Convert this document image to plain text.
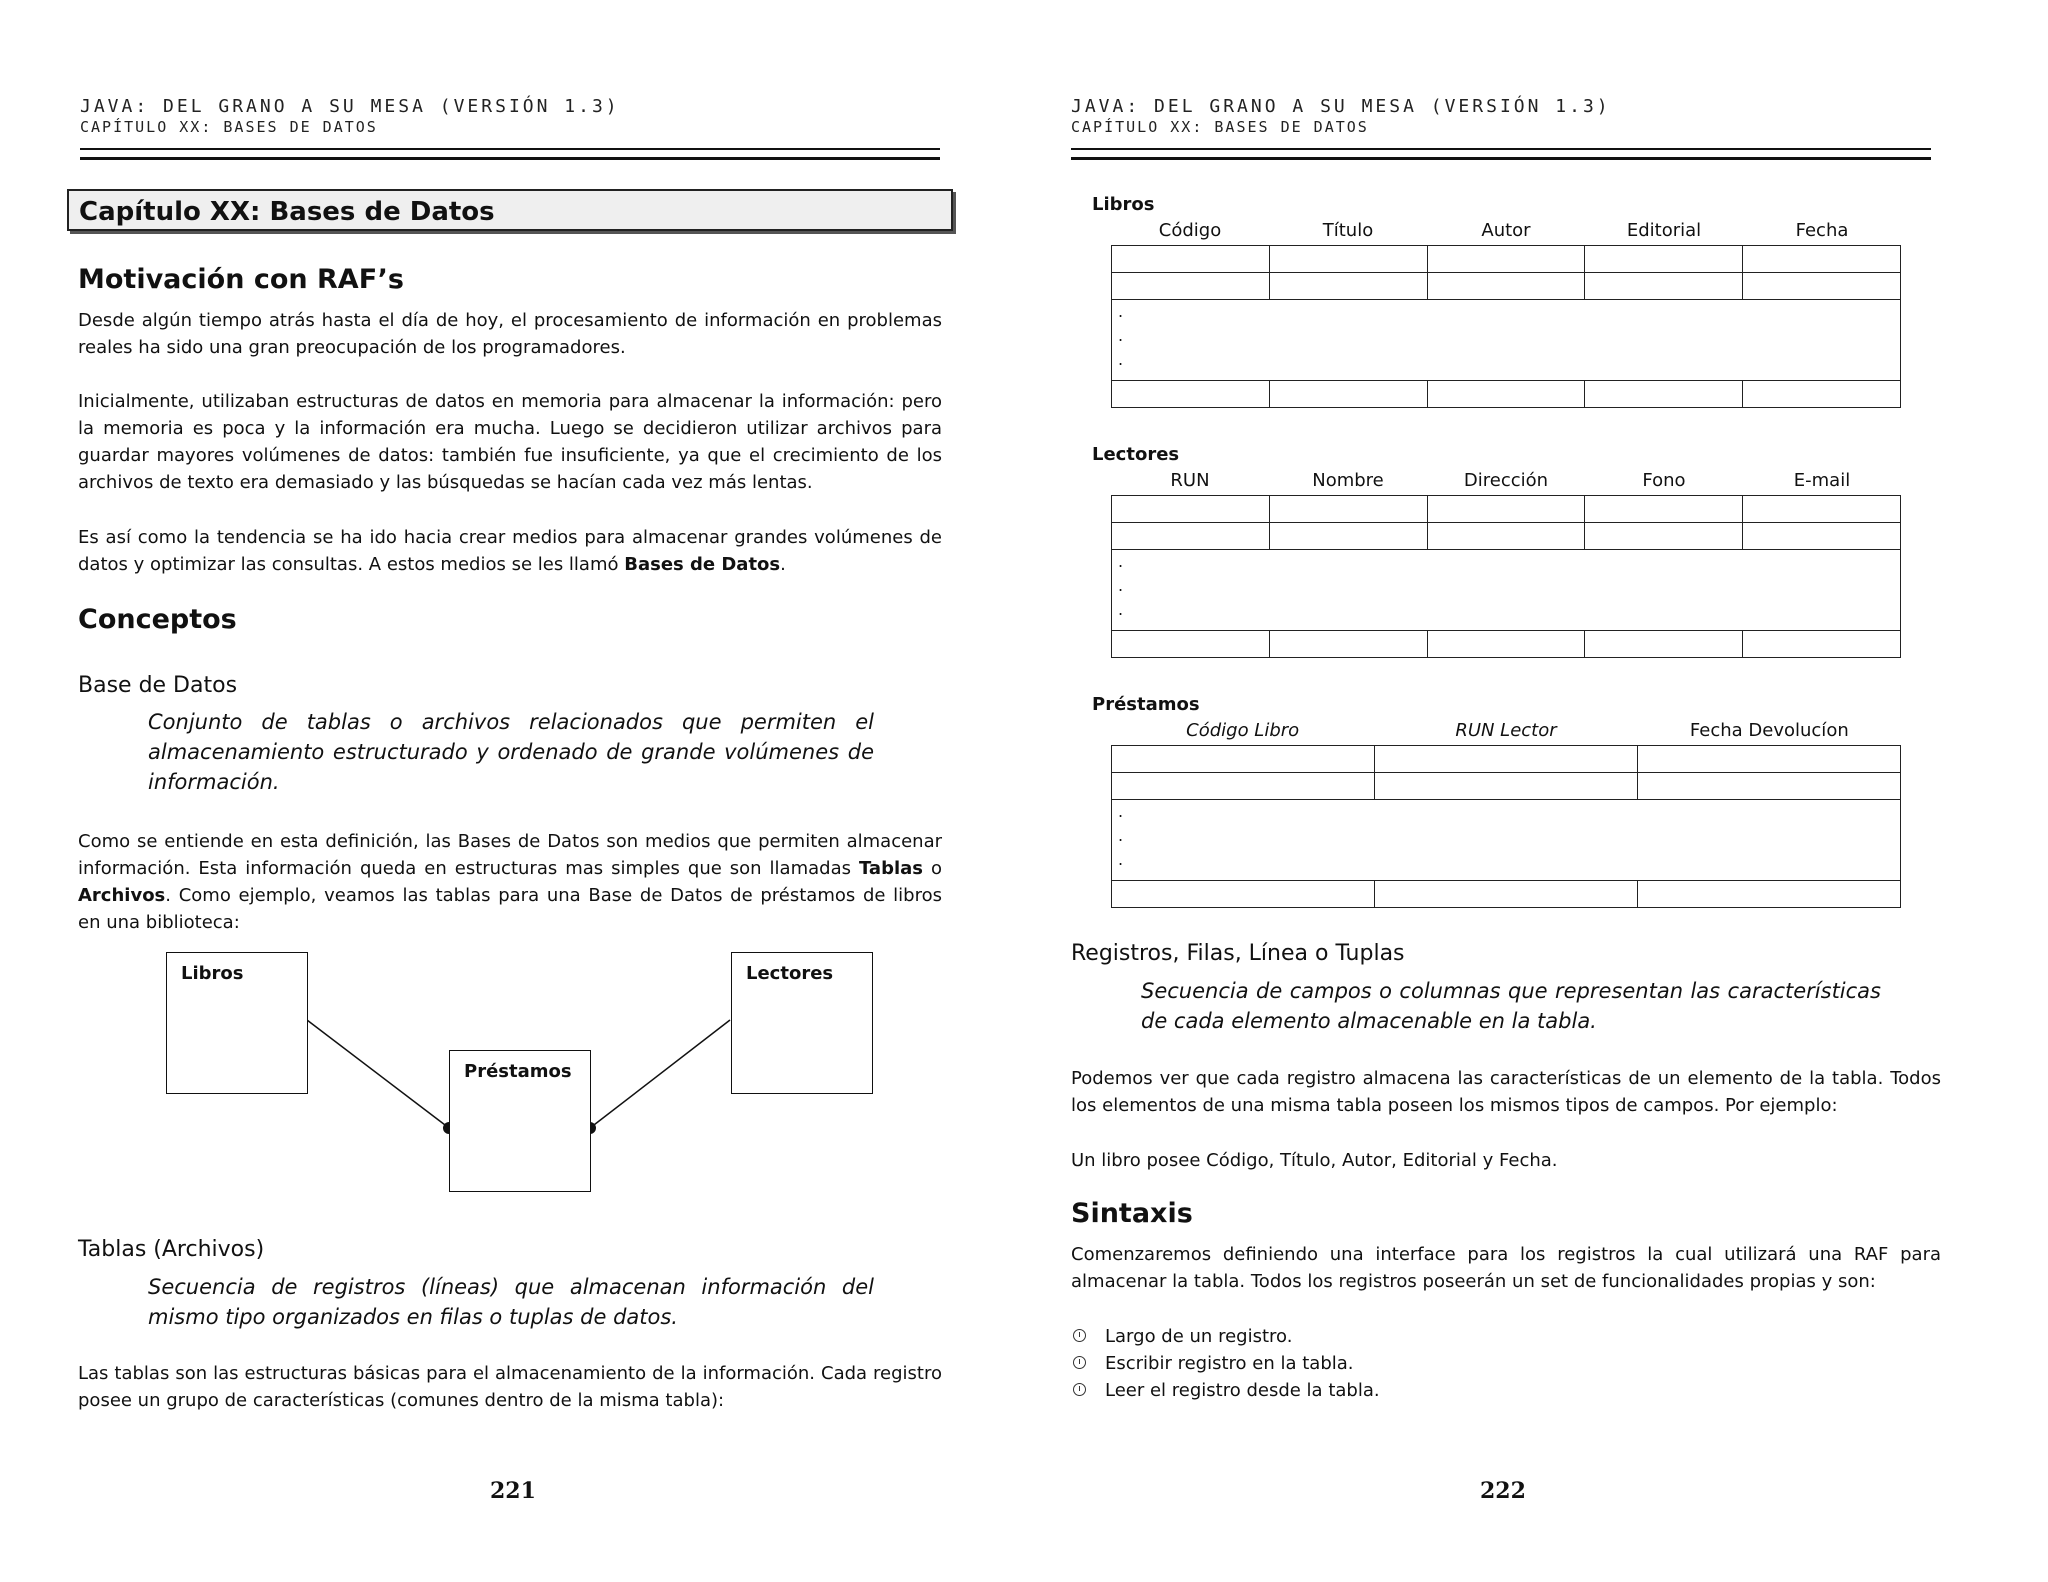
JAVA: DEL GRANO A SU MESA (VERSIÓN 1.3)
CAPÍTULO XX: BASES DE DATOS
Capítulo XX: Bases de Datos
Motivación con RAF’s

Desde algún tiempo atrás hasta el día de hoy, el procesamiento de información en problemas reales ha sido una gran preocupación de los programadores.

Inicialmente, utilizaban estructuras de datos en memoria para almacenar la información: pero la memoria es poca y la información era mucha. Luego se decidieron utilizar archivos para guardar mayores volúmenes de datos: también fue insuficiente, ya que el crecimiento de los archivos de texto era demasiado y las búsquedas se hacían cada vez más lentas.

Es así como la tendencia se ha ido hacia crear medios para almacenar grandes volúmenes de datos y optimizar las consultas. A estos medios se les llamó Bases de Datos.

Conceptos
Base de Datos

Conjunto de tablas o archivos relacionados que permiten el almacenamiento estructurado y ordenado de grande volúmenes de información.

Como se entiende en esta definición, las Bases de Datos son medios que permiten almacenar información. Esta información queda en estructuras mas simples que son llamadas Tablas o Archivos. Como ejemplo, veamos las tablas para una Base de Datos de préstamos de libros en una biblioteca:

Libros	Lectores
Préstamos
Tablas (Archivos)

Secuencia de registros (líneas) que almacenan información del mismo tipo organizados en filas o tuplas de datos.

Las tablas son las estructuras básicas para el almacenamiento de la información. Cada registro posee un grupo de características (comunes dentro de la misma tabla):

221
JAVA: DEL GRANO A SU MESA (VERSIÓN 1.3)
CAPÍTULO XX: BASES DE DATOS
Libros
Código	Título	Autor	Editorial	Fecha

.
.
.				

Lectores
RUN	Nombre	Dirección	Fono	E-mail

.
.
.				

Préstamos
Código Libro	RUN Lector	Fecha Devolucíon

.
.
.		

Registros, Filas, Línea o Tuplas

Secuencia de campos o columnas que representan las características de cada elemento almacenable en la tabla.

Podemos ver que cada registro almacena las características de un elemento de la tabla. Todos los elementos de una misma tabla poseen los mismos tipos de campos. Por ejemplo:

Un libro posee Código, Título, Autor, Editorial y Fecha.

Sintaxis

Comenzaremos definiendo una interface para los registros la cual utilizará una RAF para almacenar la tabla. Todos los registros poseerán un set de funcionalidades propias y son:

Largo de un registro.
Escribir registro en la tabla.
Leer el registro desde la tabla.
222
